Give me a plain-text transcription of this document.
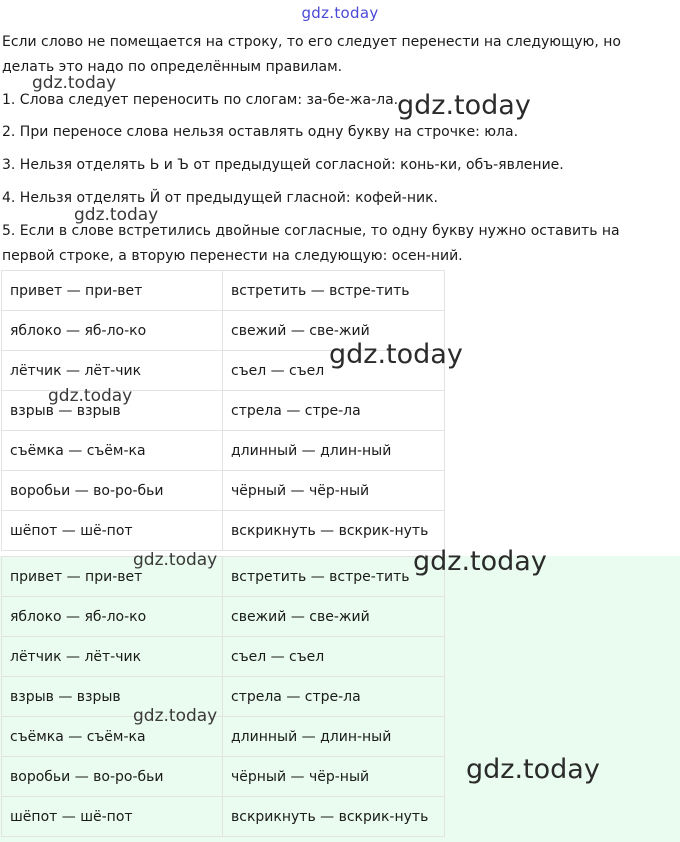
gdz.today

Если слово не помещается на строку, то его следует перенести на следующую, но делать это надо по определённым правилам.

1. Слова следует переносить по слогам: за-бе-жа-ла.

2. При переносе слова нельзя оставлять одну букву на строчке: юла.

3. Нельзя отделять Ь и Ъ от предыдущей согласной: конь-ки, объ-явление.

4. Нельзя отделять Й от предыдущей гласной: кофей-ник.

5. Если в слове встретились двойные согласные, то одну букву нужно оставить на первой строке, а вторую перенести на следующую: осен-ний.

привет — при-вет	встретить — встре-тить
яблоко — яб-ло-ко	свежий — све-жий
лётчик — лёт-чик	съел — съел
взрыв — взрыв	стрела — стре-ла
съёмка — съём-ка	длинный — длин-ный
воробьи — во-ро-бьи	чёрный — чёр-ный
шёпот — шё-пот	вскрикнуть — вскрик-нуть
привет — при-вет	встретить — встре-тить
яблоко — яб-ло-ко	свежий — све-жий
лётчик — лёт-чик	съел — съел
взрыв — взрыв	стрела — стре-ла
съёмка — съём-ка	длинный — длин-ный
воробьи — во-ро-бьи	чёрный — чёр-ный
шёпот — шё-пот	вскрикнуть — вскрик-нуть
gdz.today
gdz.today
gdz.today
gdz.today
gdz.today
gdz.today	gdz.today
gdz.today
gdz.today
